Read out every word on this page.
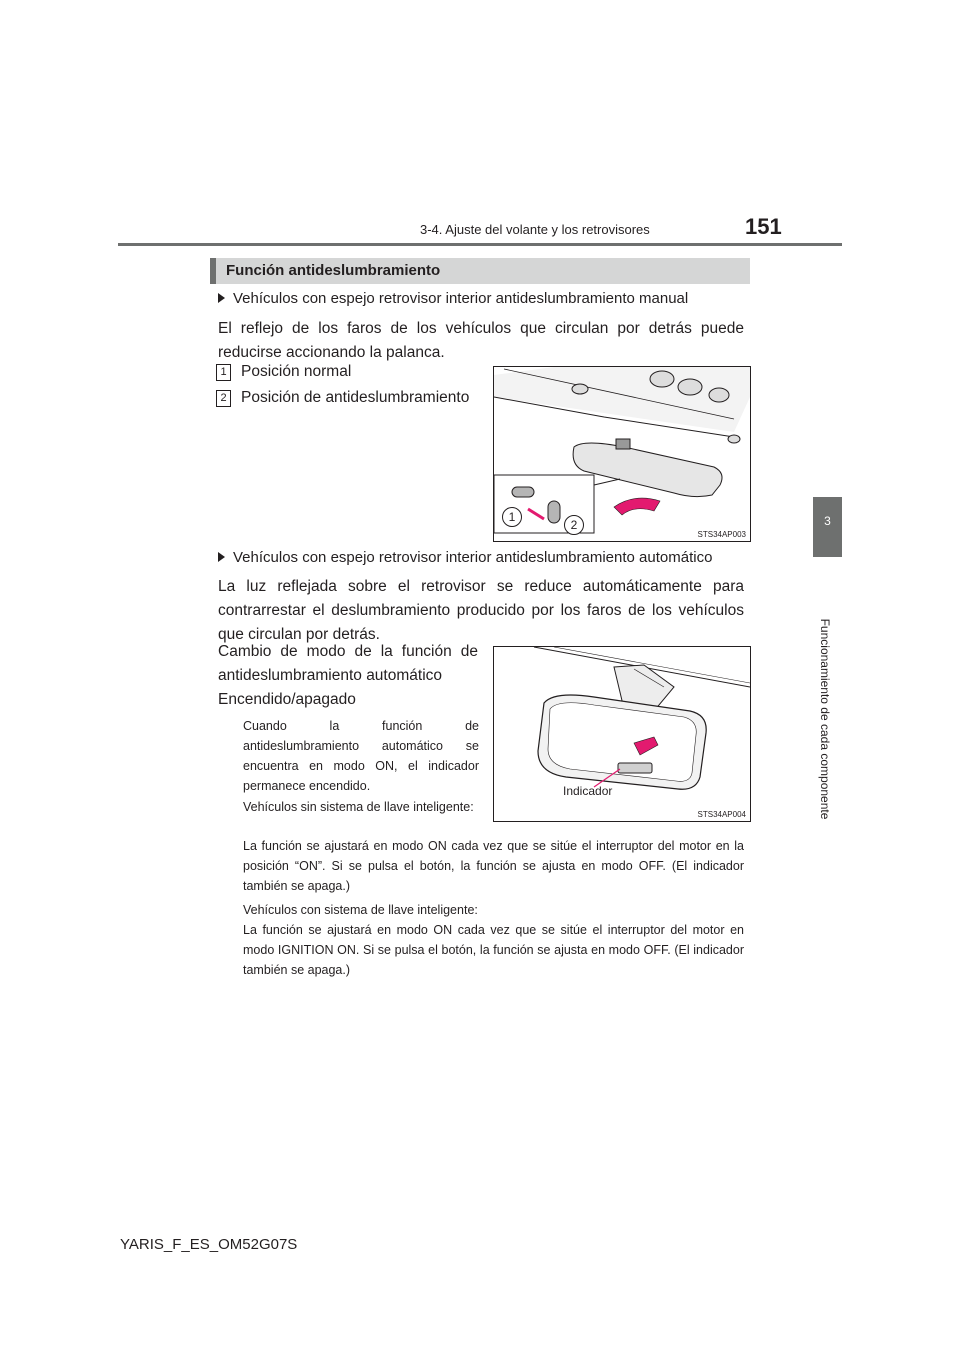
3-4. Ajuste del volante y los retrovisores	151
3
Funcionamiento de cada componente
Función antideslumbramiento
Vehículos con espejo retrovisor interior antideslumbramiento manual
El reflejo de los faros de los vehículos que circulan por detrás puede reducirse accionando la palanca.
1 Posición normal
2 Posición de antideslumbramiento
1
2
STS34AP003
Vehículos con espejo retrovisor interior antideslumbramiento automático
La luz reflejada sobre el retrovisor se reduce automáticamente para contrarrestar el deslumbramiento producido por los faros de los vehículos que circulan por detrás.
Cambio de modo de la función de antideslumbramiento automático
Encendido/apagado
Cuando la función de antideslumbramiento automático se encuentra en modo ON, el indicador permanece encendido.
Vehículos sin sistema de llave inteligente:
La función se ajustará en modo ON cada vez que se sitúe el interruptor del motor en la posición “ON”. Si se pulsa el botón, la función se ajusta en modo OFF. (El indicador también se apaga.)
Vehículos con sistema de llave inteligente:
La función se ajustará en modo ON cada vez que se sitúe el interruptor del motor en modo IGNITION ON. Si se pulsa el botón, la función se ajusta en modo OFF. (El indicador también se apaga.)
Indicador
STS34AP004
YARIS_F_ES_OM52G07S
